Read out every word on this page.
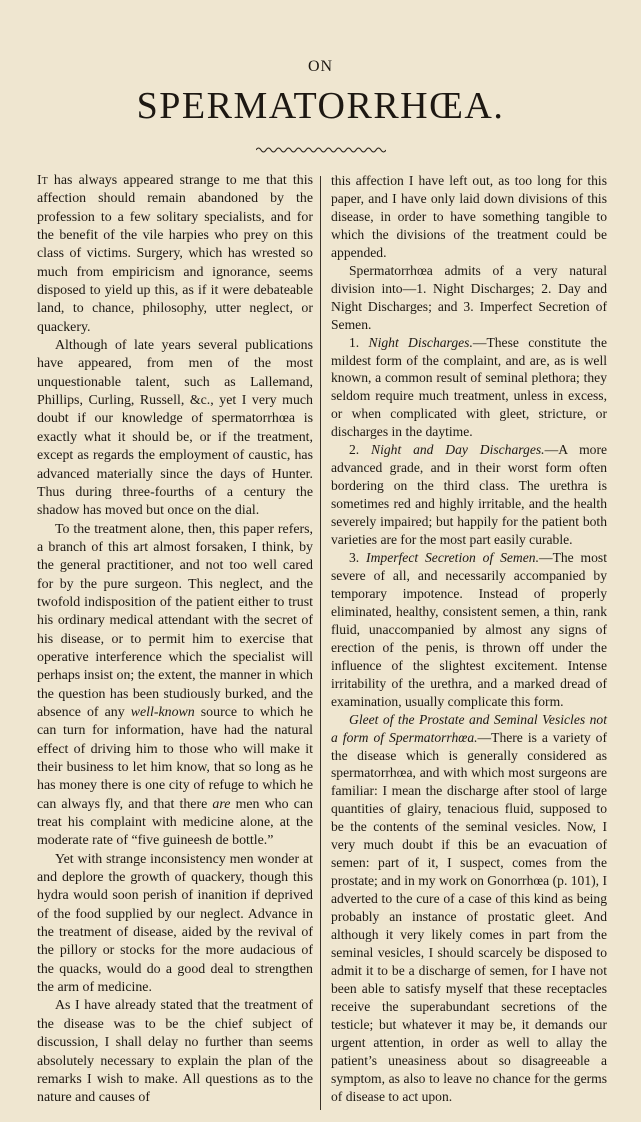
ON
SPERMATORRHŒA.

It has always appeared strange to me that this affection should remain abandoned by the profession to a few solitary specialists, and for the benefit of the vile harpies who prey on this class of victims. Surgery, which has wrested so much from empiricism and ignorance, seems disposed to yield up this, as if it were debateable land, to chance, philosophy, utter neglect, or quackery.

Although of late years several publications have appeared, from men of the most unquestionable talent, such as Lallemand, Phillips, Curling, Russell, &c., yet I very much doubt if our knowledge of spermatorrhœa is exactly what it should be, or if the treatment, except as regards the employment of caustic, has advanced materially since the days of Hunter. Thus during three-fourths of a century the shadow has moved but once on the dial.

To the treatment alone, then, this paper refers, a branch of this art almost forsaken, I think, by the general practitioner, and not too well cared for by the pure surgeon. This neglect, and the twofold indisposition of the patient either to trust his ordinary medical attendant with the secret of his disease, or to permit him to exercise that operative interference which the specialist will perhaps insist on; the extent, the manner in which the question has been studiously burked, and the absence of any well-known source to which he can turn for information, have had the natural effect of driving him to those who will make it their business to let him know, that so long as he has money there is one city of refuge to which he can always fly, and that there are men who can treat his complaint with medicine alone, at the moderate rate of “five guineesh de bottle.”

Yet with strange inconsistency men wonder at and deplore the growth of quackery, though this hydra would soon perish of inanition if deprived of the food supplied by our neglect. Advance in the treatment of disease, aided by the revival of the pillory or stocks for the more audacious of the quacks, would do a good deal to strengthen the arm of medicine.

As I have already stated that the treatment of the disease was to be the chief subject of discussion, I shall delay no further than seems absolutely necessary to explain the plan of the remarks I wish to make. All questions as to the nature and causes of

this affection I have left out, as too long for this paper, and I have only laid down divisions of this disease, in order to have something tangible to which the divisions of the treatment could be appended.

Spermatorrhœa admits of a very natural division into—1. Night Discharges; 2. Day and Night Discharges; and 3. Imperfect Secretion of Semen.

1. Night Discharges.—These constitute the mildest form of the complaint, and are, as is well known, a common result of seminal plethora; they seldom require much treatment, unless in excess, or when complicated with gleet, stricture, or discharges in the daytime.

2. Night and Day Discharges.—A more advanced grade, and in their worst form often bordering on the third class. The urethra is sometimes red and highly irritable, and the health severely impaired; but happily for the patient both varieties are for the most part easily curable.

3. Imperfect Secretion of Semen.—The most severe of all, and necessarily accompanied by temporary impotence. Instead of properly eliminated, healthy, consistent semen, a thin, rank fluid, unaccompanied by almost any signs of erection of the penis, is thrown off under the influence of the slightest excitement. Intense irritability of the urethra, and a marked dread of examination, usually complicate this form.

Gleet of the Prostate and Seminal Vesicles not a form of Spermatorrhœa.—There is a variety of the disease which is generally considered as spermatorrhœa, and with which most surgeons are familiar: I mean the discharge after stool of large quantities of glairy, tenacious fluid, supposed to be the contents of the seminal vesicles. Now, I very much doubt if this be an evacuation of semen: part of it, I suspect, comes from the prostate; and in my work on Gonorrhœa (p. 101), I adverted to the cure of a case of this kind as being probably an instance of prostatic gleet. And although it very likely comes in part from the seminal vesicles, I should scarcely be disposed to admit it to be a discharge of semen, for I have not been able to satisfy myself that these receptacles receive the superabundant secretions of the testicle; but whatever it may be, it demands our urgent attention, in order as well to allay the patient’s uneasiness about so disagreeable a symptom, as also to leave no chance for the germs of disease to act upon.
